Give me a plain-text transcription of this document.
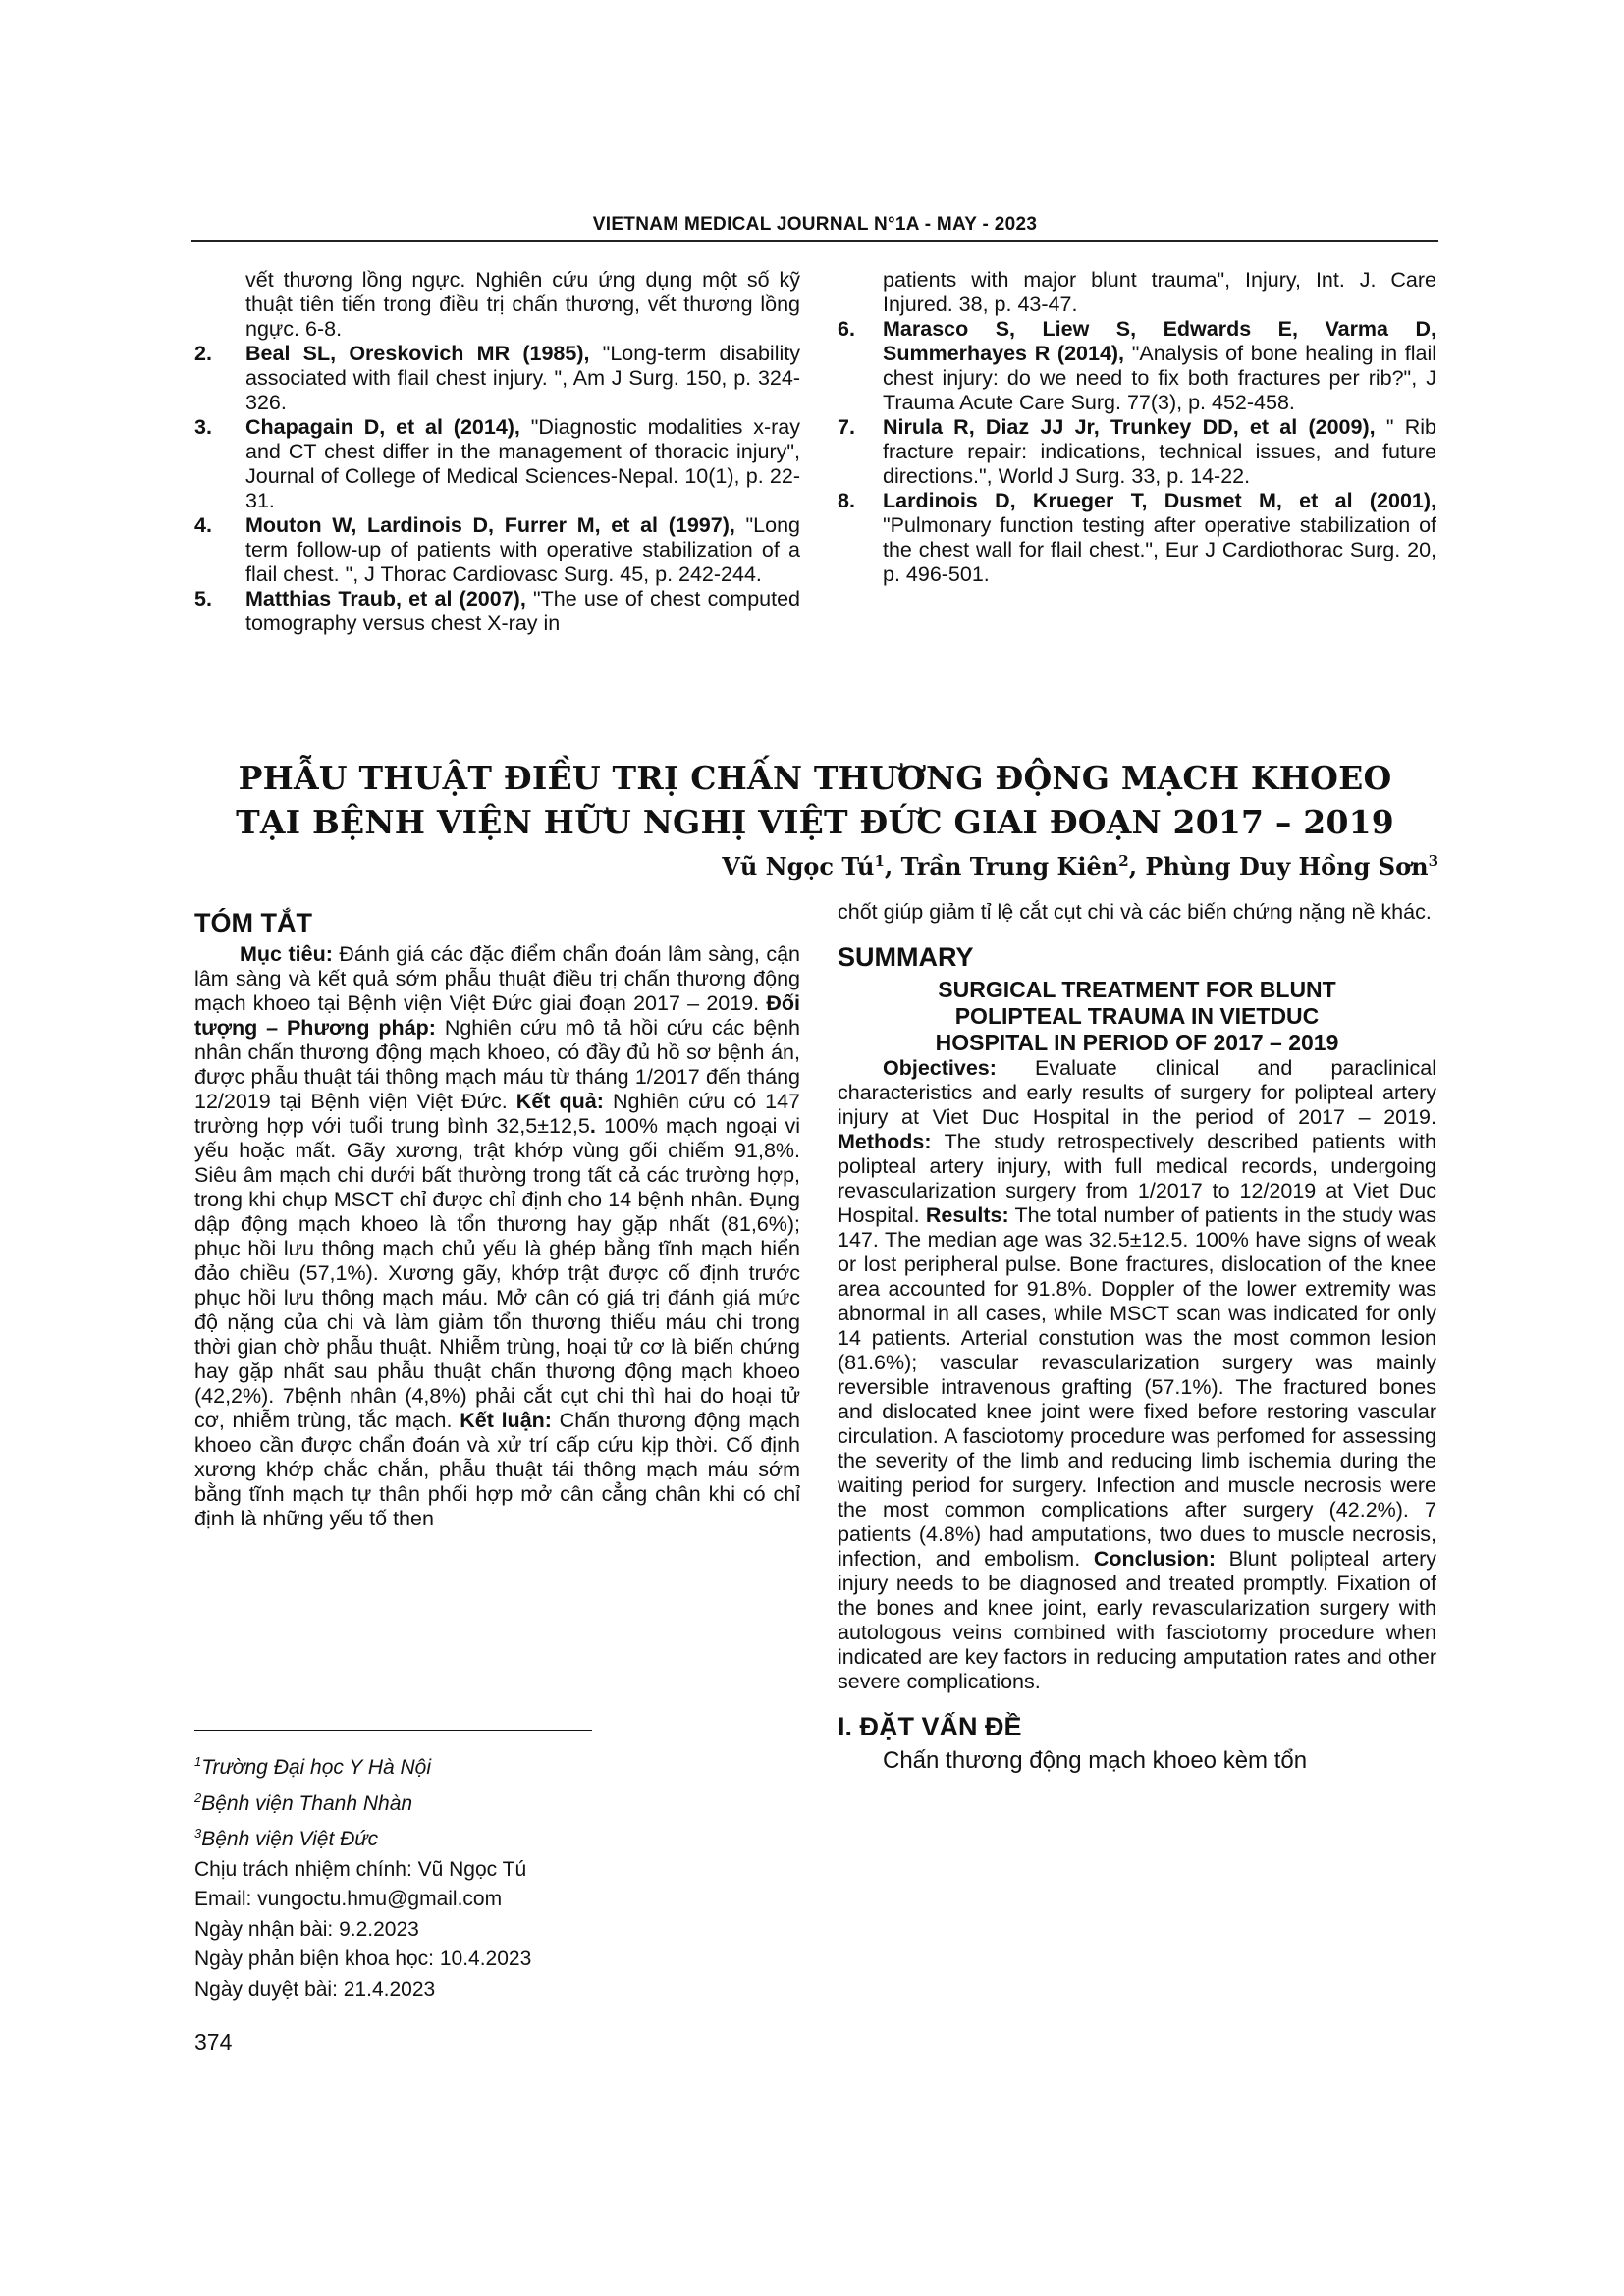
VIETNAM MEDICAL JOURNAL N°1A - MAY - 2023
vết thương lồng ngực. Nghiên cứu ứng dụng một số kỹ thuật tiên tiến trong điều trị chấn thương, vết thương lồng ngực. 6-8.
2. Beal SL, Oreskovich MR (1985), "Long-term disability associated with flail chest injury. ", Am J Surg. 150, p. 324-326.
3. Chapagain D, et al (2014), "Diagnostic modalities x-ray and CT chest differ in the management of thoracic injury", Journal of College of Medical Sciences-Nepal. 10(1), p. 22-31.
4. Mouton W, Lardinois D, Furrer M, et al (1997), "Long term follow-up of patients with operative stabilization of a flail chest. ", J Thorac Cardiovasc Surg. 45, p. 242-244.
5. Matthias Traub, et al (2007), "The use of chest computed tomography versus chest X-ray in
patients with major blunt trauma", Injury, Int. J. Care Injured. 38, p. 43-47.
6. Marasco S, Liew S, Edwards E, Varma D, Summerhayes R (2014), "Analysis of bone healing in flail chest injury: do we need to fix both fractures per rib?", J Trauma Acute Care Surg. 77(3), p. 452-458.
7. Nirula R, Diaz JJ Jr, Trunkey DD, et al (2009), " Rib fracture repair: indications, technical issues, and future directions.", World J Surg. 33, p. 14-22.
8. Lardinois D, Krueger T, Dusmet M, et al (2001), "Pulmonary function testing after operative stabilization of the chest wall for flail chest.", Eur J Cardiothorac Surg. 20, p. 496-501.
PHẪU THUẬT ĐIỀU TRỊ CHẤN THƯƠNG ĐỘNG MẠCH KHOEO
TẠI BỆNH VIỆN HỮU NGHỊ VIỆT ĐỨC GIAI ĐOẠN 2017 – 2019
Vũ Ngọc $Tú^1$, Trần Trung Kiên$^2$, Phùng Duy Hồng Sơn$^3$
TÓM TẮT

Mục tiêu: Đánh giá các đặc điểm chẩn đoán lâm sàng, cận lâm sàng và kết quả sớm phẫu thuật điều trị chấn thương động mạch khoeo tại Bệnh viện Việt Đức giai đoạn 2017 – 2019. Đối tượng – Phương pháp: Nghiên cứu mô tả hồi cứu các bệnh nhân chấn thương động mạch khoeo, có đầy đủ hồ sơ bệnh án, được phẫu thuật tái thông mạch máu từ tháng 1/2017 đến tháng 12/2019 tại Bệnh viện Việt Đức. Kết quả: Nghiên cứu có 147 trường hợp với tuổi trung bình 32,5±12,5. 100% mạch ngoại vi yếu hoặc mất. Gãy xương, trật khớp vùng gối chiếm 91,8%. Siêu âm mạch chi dưới bất thường trong tất cả các trường hợp, trong khi chụp MSCT chỉ được chỉ định cho 14 bệnh nhân. Đụng dập động mạch khoeo là tổn thương hay gặp nhất (81,6%); phục hồi lưu thông mạch chủ yếu là ghép bằng tĩnh mạch hiển đảo chiều (57,1%). Xương gãy, khớp trật được cố định trước phục hồi lưu thông mạch máu. Mở cân có giá trị đánh giá mức độ nặng của chi và làm giảm tổn thương thiếu máu chi trong thời gian chờ phẫu thuật. Nhiễm trùng, hoại tử cơ là biến chứng hay gặp nhất sau phẫu thuật chấn thương động mạch khoeo (42,2%). 7bệnh nhân (4,8%) phải cắt cụt chi thì hai do hoại tử cơ, nhiễm trùng, tắc mạch. Kết luận: Chấn thương động mạch khoeo cần được chẩn đoán và xử trí cấp cứu kịp thời. Cố định xương khớp chắc chắn, phẫu thuật tái thông mạch máu sớm bằng tĩnh mạch tự thân phối hợp mở cân cẳng chân khi có chỉ định là những yếu tố then

$^1$Trường Đại học Y Hà Nội
$^2$Bệnh viện Thanh Nhàn
$^3$Bệnh viện Việt Đức
Chịu trách nhiệm chính: Vũ Ngọc Tú
Email: vungoctu.hmu@gmail.com
Ngày nhận bài: 9.2.2023
Ngày phản biện khoa học: 10.4.2023
Ngày duyệt bài: 21.4.2023

chốt giúp giảm tỉ lệ cắt cụt chi và các biến chứng nặng nề khác.

SUMMARY

SURGICAL TREATMENT FOR BLUNT

POLIPTEAL TRAUMA IN VIETDUC

HOSPITAL IN PERIOD OF 2017 – 2019

Objectives: Evaluate clinical and paraclinical characteristics and early results of surgery for polipteal artery injury at Viet Duc Hospital in the period of 2017 – 2019. Methods: The study retrospectively described patients with polipteal artery injury, with full medical records, undergoing revascularization surgery from 1/2017 to 12/2019 at Viet Duc Hospital. Results: The total number of patients in the study was 147. The median age was 32.5±12.5. 100% have signs of weak or lost peripheral pulse. Bone fractures, dislocation of the knee area accounted for 91.8%. Doppler of the lower extremity was abnormal in all cases, while MSCT scan was indicated for only 14 patients. Arterial constution was the most common lesion (81.6%); vascular revascularization surgery was mainly reversible intravenous grafting (57.1%). The fractured bones and dislocated knee joint were fixed before restoring vascular circulation. A fasciotomy procedure was perfomed for assessing the severity of the limb and reducing limb ischemia during the waiting period for surgery. Infection and muscle necrosis were the most common complications after surgery (42.2%). 7 patients (4.8%) had amputations, two dues to muscle necrosis, infection, and embolism. Conclusion: Blunt polipteal artery injury needs to be diagnosed and treated promptly. Fixation of the bones and knee joint, early revascularization surgery with autologous veins combined with fasciotomy procedure when indicated are key factors in reducing amputation rates and other severe complications.

I. ĐẶT VẤN ĐỀ

Chấn thương động mạch khoeo kèm tổn

374
